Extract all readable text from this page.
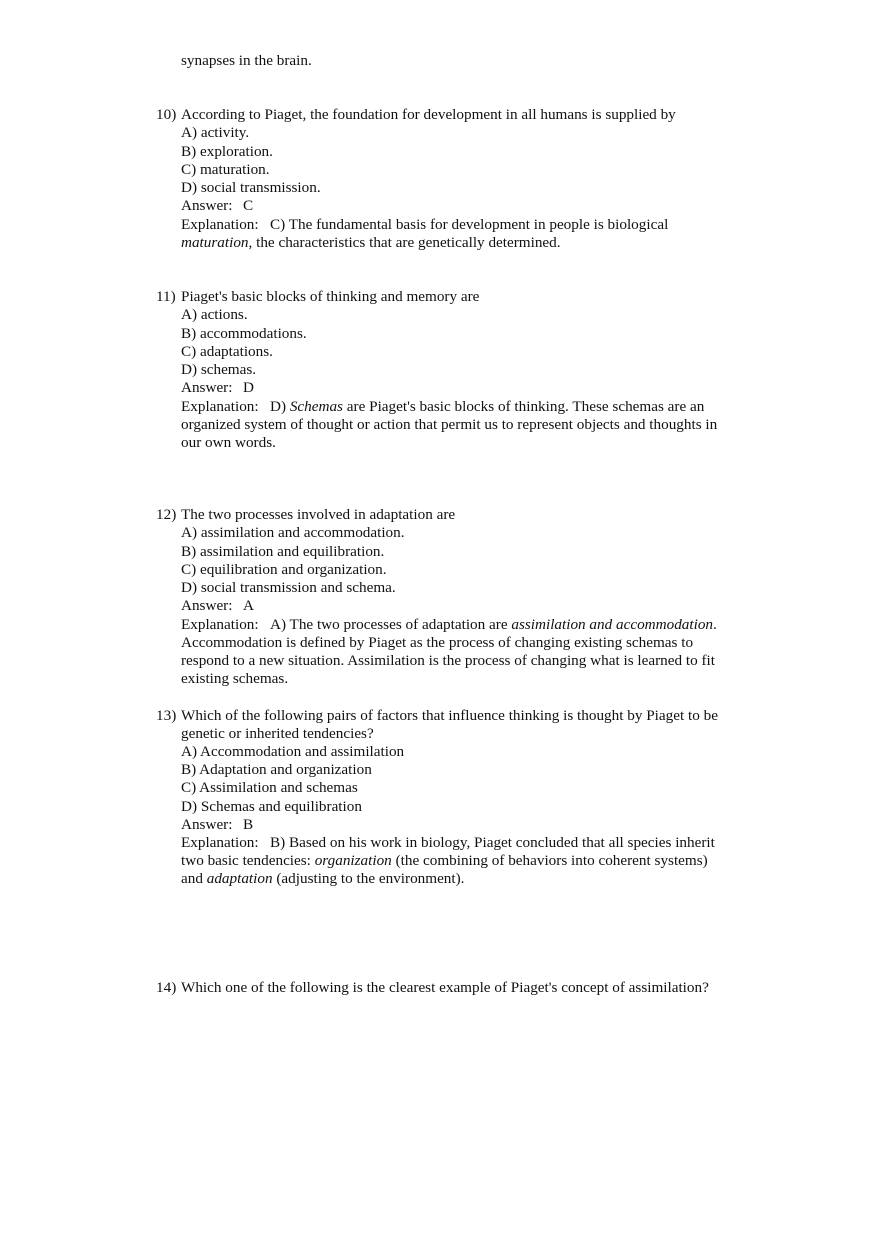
synapses in the brain.
10) According to Piaget, the foundation for development in all humans is supplied by
A) activity.
B) exploration.
C) maturation.
D) social transmission.
Answer: C
Explanation: C) The fundamental basis for development in people is biological
maturation, the characteristics that are genetically determined.
11) Piaget's basic blocks of thinking and memory are
A) actions.
B) accommodations.
C) adaptations.
D) schemas.
Answer: D
Explanation: D) Schemas are Piaget's basic blocks of thinking. These schemas are an
organized system of thought or action that permit us to represent objects and thoughts in
our own words.
12) The two processes involved in adaptation are
A) assimilation and accommodation.
B) assimilation and equilibration.
C) equilibration and organization.
D) social transmission and schema.
Answer: A
Explanation: A) The two processes of adaptation are assimilation and accommodation.
Accommodation is defined by Piaget as the process of changing existing schemas to
respond to a new situation. Assimilation is the process of changing what is learned to fit
existing schemas.
13) Which of the following pairs of factors that influence thinking is thought by Piaget to be
genetic or inherited tendencies?
A) Accommodation and assimilation
B) Adaptation and organization
C) Assimilation and schemas
D) Schemas and equilibration
Answer: B
Explanation: B) Based on his work in biology, Piaget concluded that all species inherit
two basic tendencies: organization (the combining of behaviors into coherent systems)
and adaptation (adjusting to the environment).
14) Which one of the following is the clearest example of Piaget's concept of assimilation?
